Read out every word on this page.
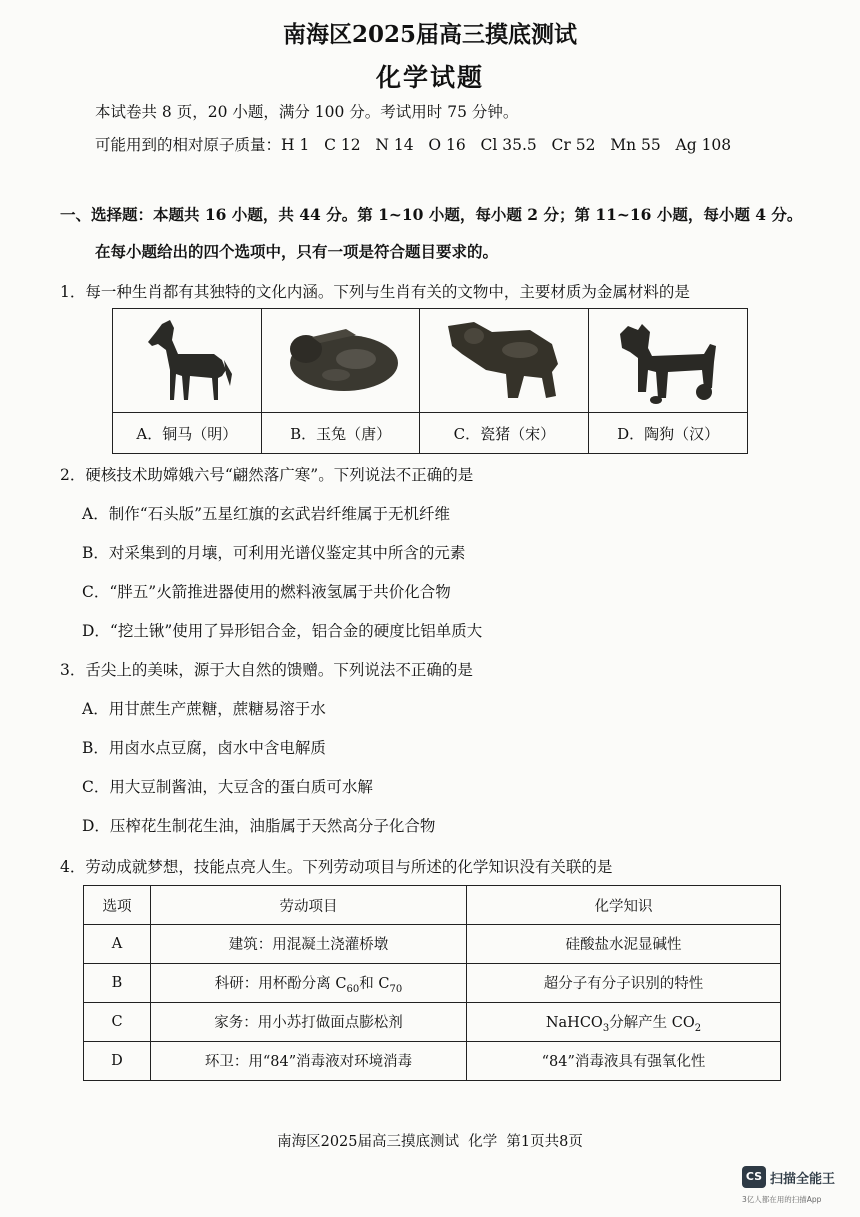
南海区2025届高三摸底测试
化学试题
本试卷共 8 页，20 小题，满分 100 分。考试用时 75 分钟。
可能用到的相对原子质量：H 1   C 12   N 14   O 16   Cl 35.5   Cr 52   Mn 55   Ag 108
一、选择题：本题共 16 小题，共 44 分。第 1~10 小题，每小题 2 分；第 11~16 小题，每小题 4 分。
在每小题给出的四个选项中，只有一项是符合题目要求的。
1．每一种生肖都有其独特的文化内涵。下列与生肖有关的文物中，主要材质为金属材料的是

A．铜马（明）	B．玉兔（唐）	C．瓷猪（宋）	D．陶狗（汉）
2．硬核技术助嫦娥六号“翩然落广寒”。下列说法不正确的是
A．制作“石头版”五星红旗的玄武岩纤维属于无机纤维
B．对采集到的月壤，可利用光谱仪鉴定其中所含的元素
C．“胖五”火箭推进器使用的燃料液氢属于共价化合物
D．“挖土锹”使用了异形铝合金，铝合金的硬度比铝单质大
3．舌尖上的美味，源于大自然的馈赠。下列说法不正确的是
A．用甘蔗生产蔗糖，蔗糖易溶于水
B．用卤水点豆腐，卤水中含电解质
C．用大豆制酱油，大豆含的蛋白质可水解
D．压榨花生制花生油，油脂属于天然高分子化合物
4．劳动成就梦想，技能点亮人生。下列劳动项目与所述的化学知识没有关联的是
选项	劳动项目	化学知识
A	建筑：用混凝土浇灌桥墩	硅酸盐水泥显碱性
B	科研：用杯酚分离 $C_{60}$和 $C_{70}$	超分子有分子识别的特性
C	家务：用小苏打做面点膨松剂	NaHCO$_3$分解产生 $CO_2$
D	环卫：用“84”消毒液对环境消毒	“84”消毒液具有强氧化性
南海区2025届高三摸底测试  化学  第1页共8页
CS 扫描全能王
3亿人都在用的扫描App
